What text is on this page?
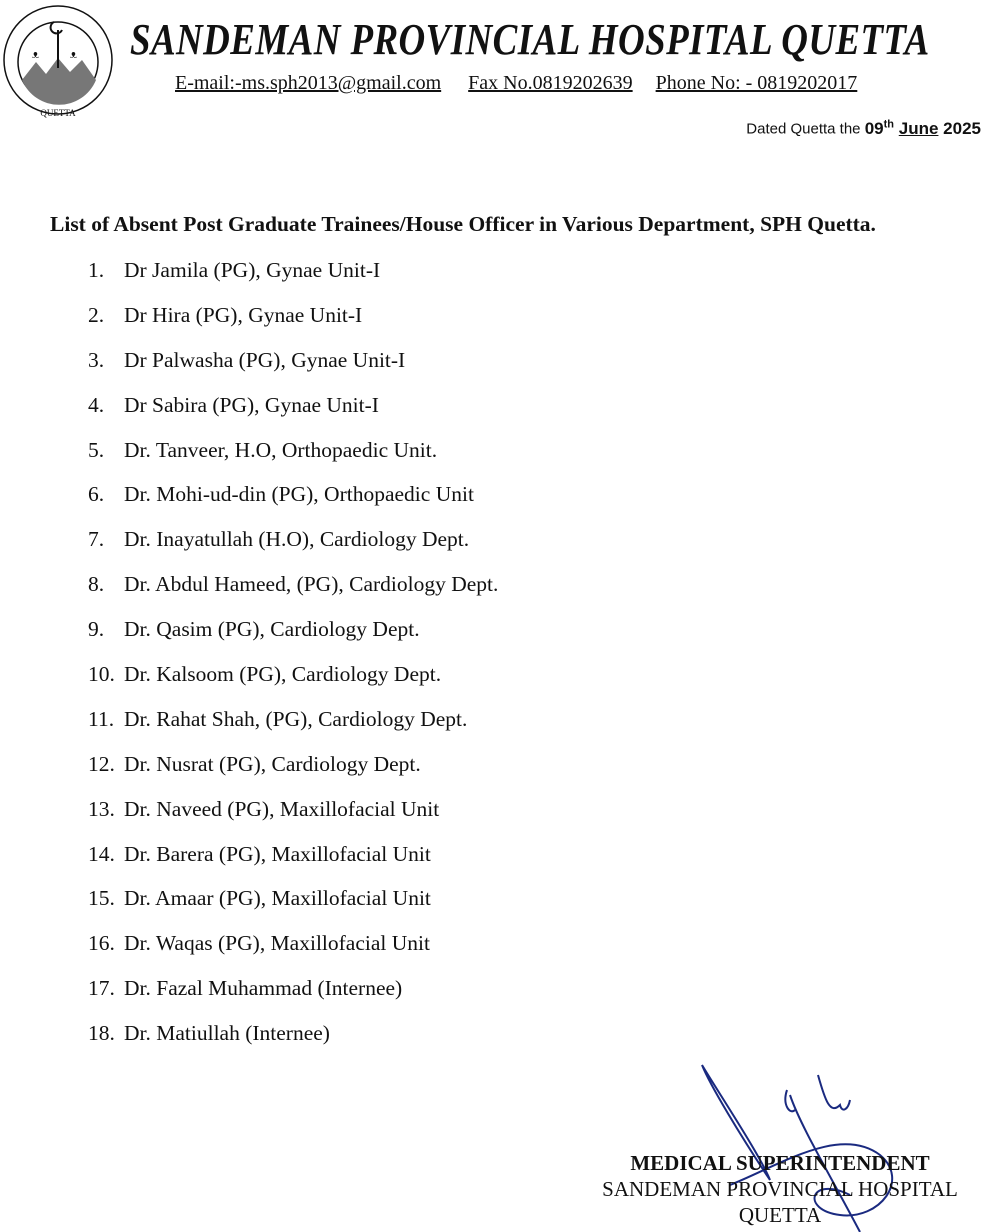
ᴥ ᴥ
QUETTA
SANDEMAN PROVINCIAL HOSPITAL QUETTA
E-mail:-ms.sph2013@gmail.com Fax No.0819202639 Phone No: - 0819202017
Dated Quetta the 09th June 2025
List of Absent Post Graduate Trainees/House Officer in Various Department, SPH Quetta.
1. Dr Jamila (PG), Gynae Unit-I
2. Dr Hira (PG), Gynae Unit-I
3. Dr Palwasha (PG), Gynae Unit-I
4. Dr Sabira (PG), Gynae Unit-I
5. Dr. Tanveer, H.O, Orthopaedic Unit.
6. Dr. Mohi-ud-din (PG), Orthopaedic Unit
7. Dr. Inayatullah (H.O), Cardiology Dept.
8. Dr. Abdul Hameed, (PG), Cardiology Dept.
9. Dr. Qasim (PG), Cardiology Dept.
10. Dr. Kalsoom (PG), Cardiology Dept.
11. Dr. Rahat Shah, (PG), Cardiology Dept.
12. Dr. Nusrat (PG), Cardiology Dept.
13. Dr. Naveed (PG), Maxillofacial Unit
14. Dr. Barera (PG), Maxillofacial Unit
15. Dr. Amaar (PG), Maxillofacial Unit
16. Dr. Waqas (PG), Maxillofacial Unit
17. Dr. Fazal Muhammad (Internee)
18. Dr. Matiullah (Internee)
MEDICAL SUPERINTENDENT
SANDEMAN PROVINCIAL HOSPITAL
QUETTA
